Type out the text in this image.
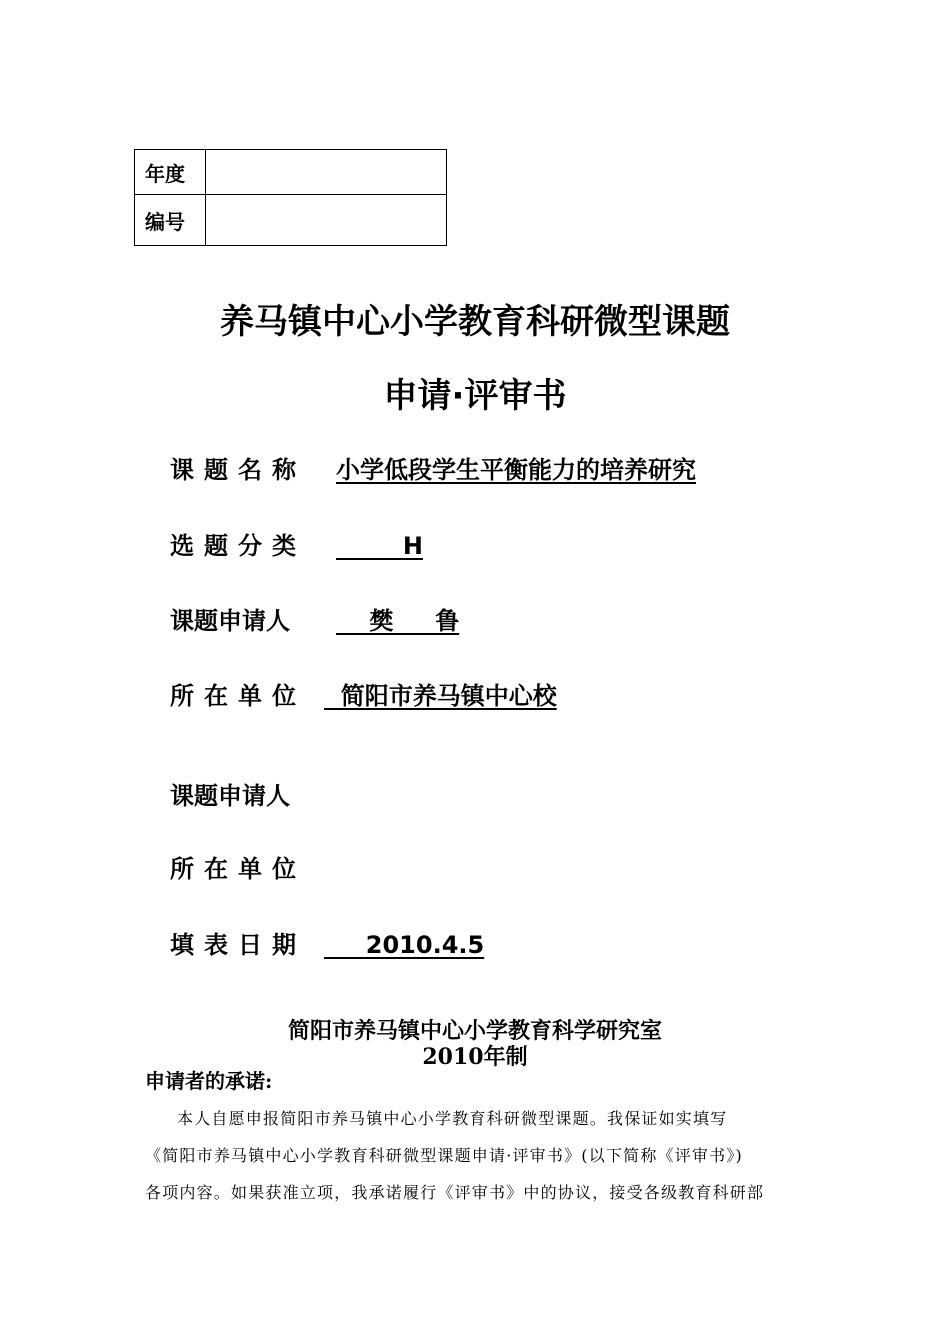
年度	
编号	
养马镇中心小学教育科研微型课题
申请·评审书
课题名称 小学低段学生平衡能力的培养研究
选题分类 H
课题申请人 樊     鲁
所在单位 简阳市养马镇中心校
课题申请人
所在单位
填表日期 2010.4.5
简阳市养马镇中心小学教育科学研究室
2010年制
申请者的承诺:

本人自愿申报简阳市养马镇中心小学教育科研微型课题。我保证如实填写

《简阳市养马镇中心小学教育科研微型课题申请·评审书》(以下简称《评审书》)

各项内容。如果获准立项，我承诺履行《评审书》中的协议，接受各级教育科研部
